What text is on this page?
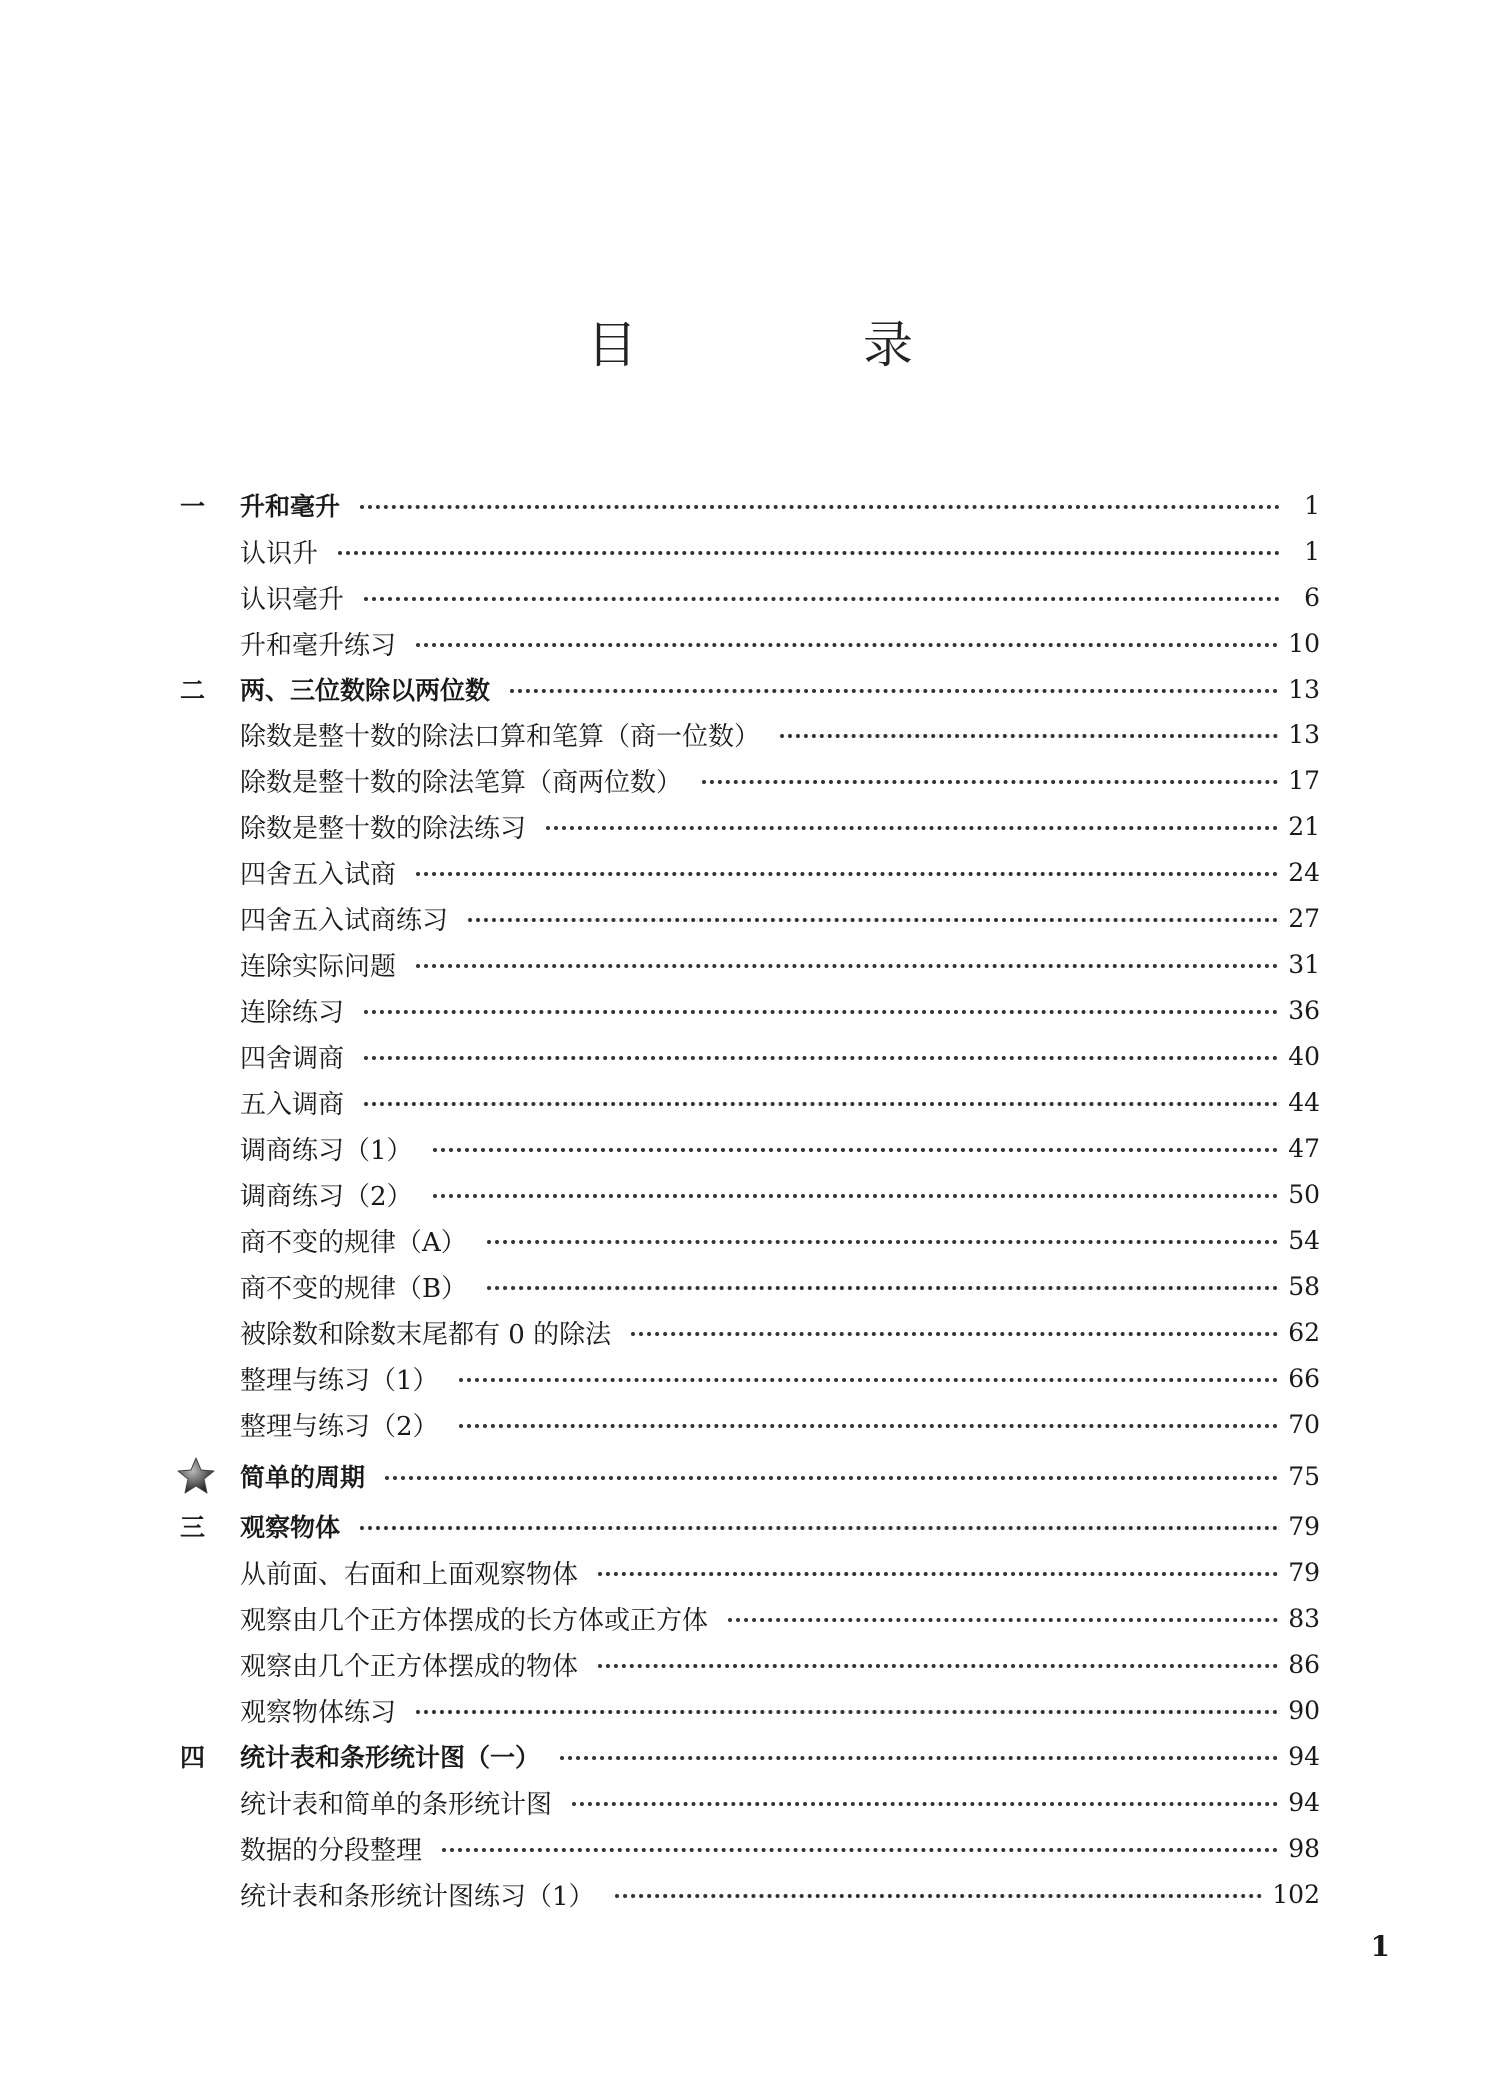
目 录
一	升和毫升	1
认识升	1
认识毫升	6
升和毫升练习	10
二	两、三位数除以两位数	13
除数是整十数的除法口算和笔算（商一位数）	13
除数是整十数的除法笔算（商两位数）	17
除数是整十数的除法练习	21
四舍五入试商	24
四舍五入试商练习	27
连除实际问题	31
连除练习	36
四舍调商	40
五入调商	44
调商练习（1）	47
调商练习（2）	50
商不变的规律（A）	54
商不变的规律（B）	58
被除数和除数末尾都有 0 的除法	62
整理与练习（1）	66
整理与练习（2）	70
简单的周期	75
三	观察物体	79
从前面、右面和上面观察物体	79
观察由几个正方体摆成的长方体或正方体	83
观察由几个正方体摆成的物体	86
观察物体练习	90
四	统计表和条形统计图（一）	94
统计表和简单的条形统计图	94
数据的分段整理	98
统计表和条形统计图练习（1）	102
1
